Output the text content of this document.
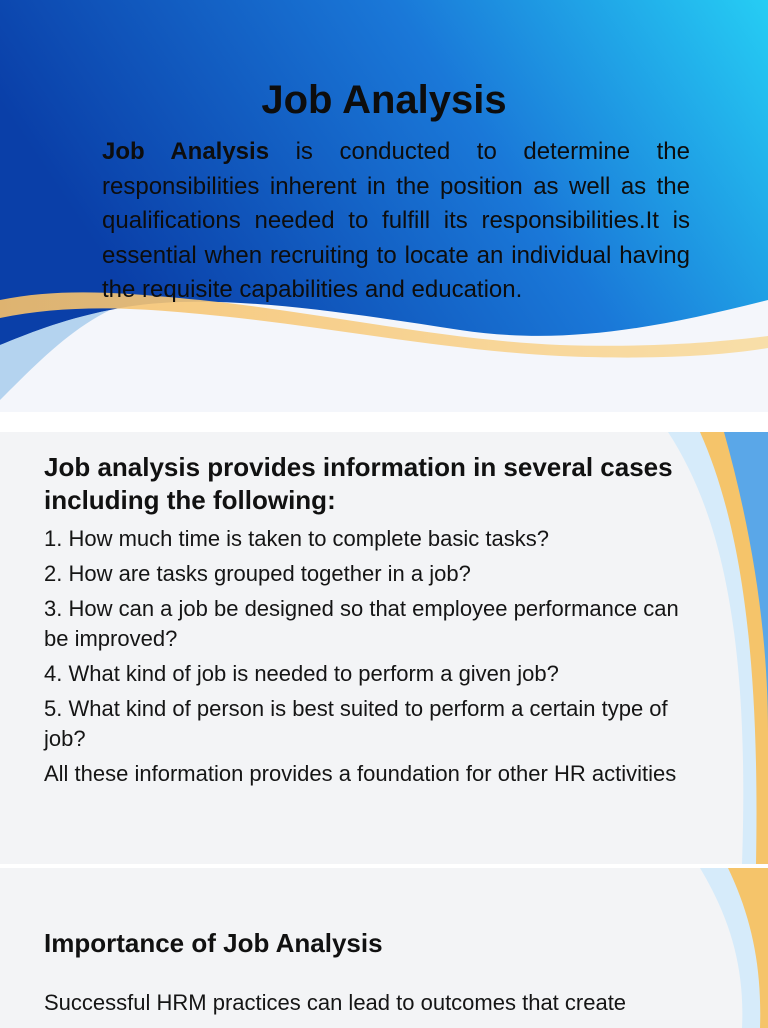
Job Analysis
Job Analysis is conducted to determine the responsibilities inherent in the position as well as the qualifications needed to fulfill its responsibilities.It is essential when recruiting to locate an individual having the requisite capabilities and education.
Job analysis provides information in several cases including the following:
1. How much time is taken to complete basic tasks?
2. How are tasks grouped together in a job?
3. How can a job be designed so that employee performance can be improved?
4. What kind of job is needed to perform a given job?
5. What kind of person is best suited to perform a certain type of job?
All these information provides a foundation for other HR activities
Importance of Job Analysis
Successful HRM practices can lead to outcomes that create
